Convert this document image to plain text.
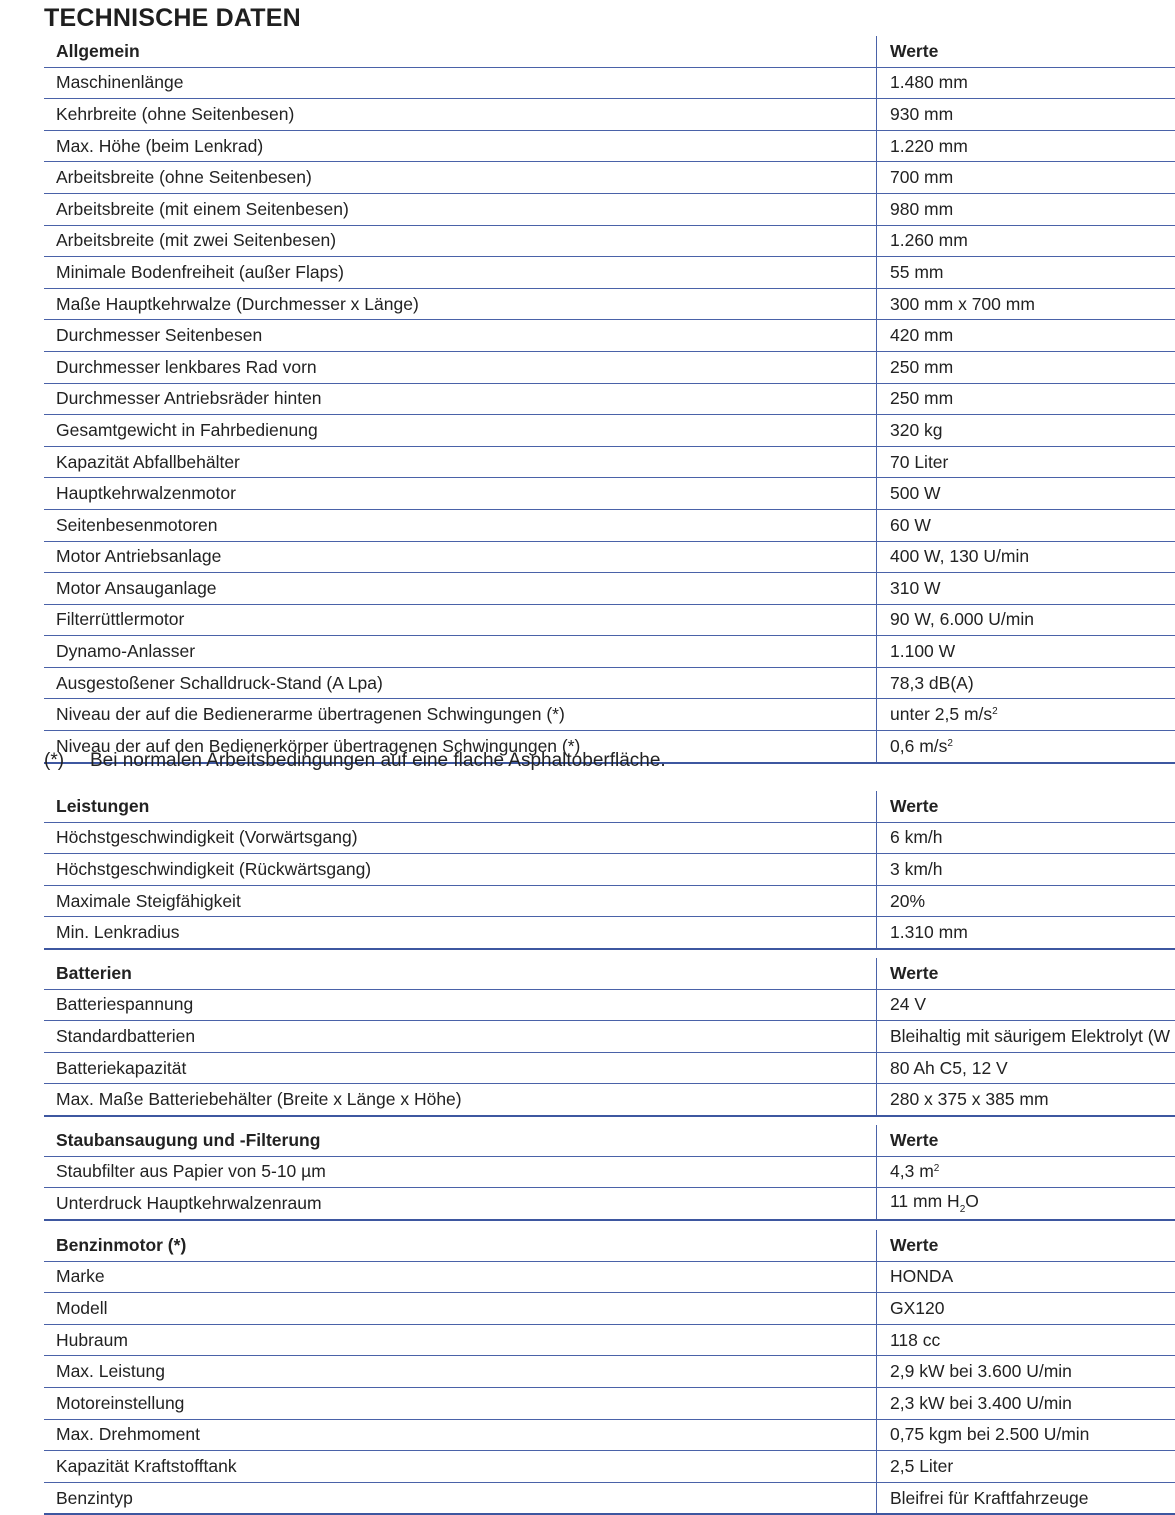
TECHNISCHE DATEN
Allgemein	Werte
Maschinenlänge	1.480 mm
Kehrbreite (ohne Seitenbesen)	930 mm
Max. Höhe (beim Lenkrad)	1.220 mm
Arbeitsbreite (ohne Seitenbesen)	700 mm
Arbeitsbreite (mit einem Seitenbesen)	980 mm
Arbeitsbreite (mit zwei Seitenbesen)	1.260 mm
Minimale Bodenfreiheit (außer Flaps)	55 mm
Maße Hauptkehrwalze (Durchmesser x Länge)	300 mm x 700 mm
Durchmesser Seitenbesen	420 mm
Durchmesser lenkbares Rad vorn	250 mm
Durchmesser Antriebsräder hinten	250 mm
Gesamtgewicht in Fahrbedienung	320 kg
Kapazität Abfallbehälter	70 Liter
Hauptkehrwalzenmotor	500 W
Seitenbesenmotoren	60 W
Motor Antriebsanlage	400 W, 130 U/min
Motor Ansauganlage	310 W
Filterrüttlermotor	90 W, 6.000 U/min
Dynamo-Anlasser	1.100 W
Ausgestoßener Schalldruck-Stand (A Lpa)	78,3 dB(A)
Niveau der auf die Bedienerarme übertragenen Schwingungen (*)	unter 2,5 $m/s^2$
Niveau der auf den Bedienerkörper übertragenen Schwingungen (*)	0,6 $m/s^2$
(*) Bei normalen Arbeitsbedingungen auf eine flache Asphaltoberfläche.
Leistungen	Werte
Höchstgeschwindigkeit (Vorwärtsgang)	6 km/h
Höchstgeschwindigkeit (Rückwärtsgang)	3 km/h
Maximale Steigfähigkeit	20%
Min. Lenkradius	1.310 mm
Batterien	Werte
Batteriespannung	24 V
Standardbatterien	Bleihaltig mit säurigem Elektrolyt (W
Batteriekapazität	80 Ah C5, 12 V
Max. Maße Batteriebehälter (Breite x Länge x Höhe)	280 x 375 x 385 mm
Staubansaugung und -Filterung	Werte
Staubfilter aus Papier von 5-10 µm	4,3 $m^2$
Unterdruck Hauptkehrwalzenraum	11 mm $H_2O$
Benzinmotor (*)	Werte
Marke	HONDA
Modell	GX120
Hubraum	118 cc
Max. Leistung	2,9 kW bei 3.600 U/min
Motoreinstellung	2,3 kW bei 3.400 U/min
Max. Drehmoment	0,75 kgm bei 2.500 U/min
Kapazität Kraftstofftank	2,5 Liter
Benzintyp	Bleifrei für Kraftfahrzeuge
